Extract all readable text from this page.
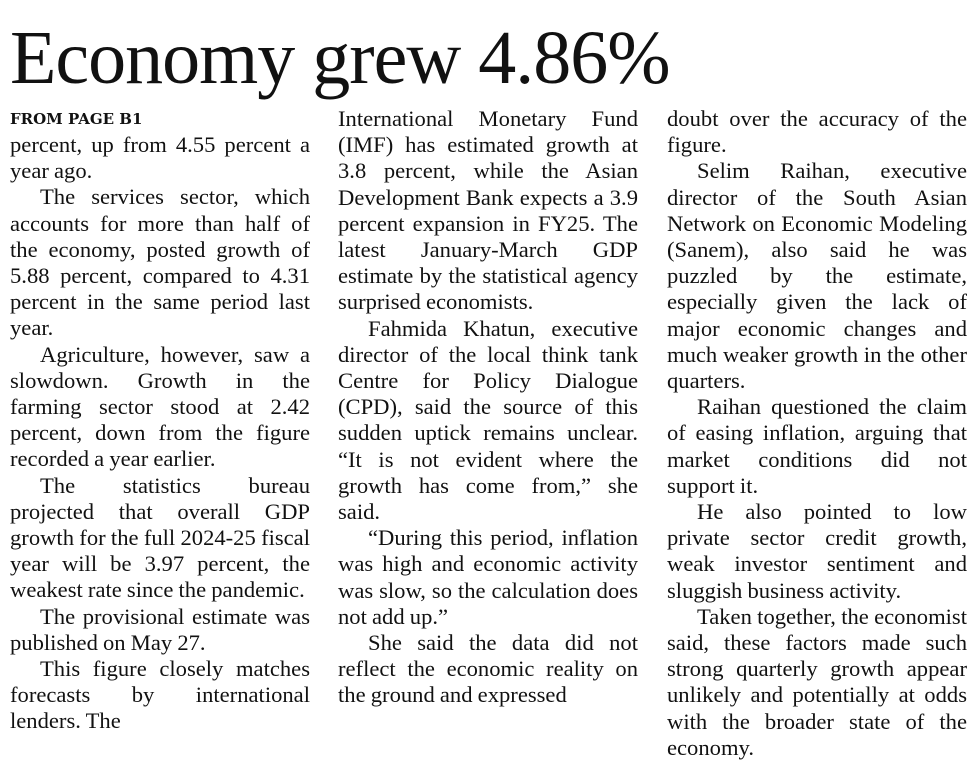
Economy grew 4.86%
FROM PAGE B1

percent, up from 4.55 percent a year ago.

The services sector, which accounts for more than half of the economy, posted growth of 5.88 percent, compared to 4.31 percent in the same period last year.

Agriculture, however, saw a slowdown. Growth in the farming sector stood at 2.42 percent, down from the figure recorded a year earlier.

The statistics bureau projected that overall GDP growth for the full 2024-25 fiscal year will be 3.97 percent, the weakest rate since the pandemic.

The provisional estimate was published on May 27.

This figure closely matches forecasts by international lenders. The

International Monetary Fund (IMF) has estimated growth at 3.8 percent, while the Asian Development Bank expects a 3.9 percent expansion in FY25. The latest January-March GDP estimate by the statistical agency surprised economists.

Fahmida Khatun, executive director of the local think tank Centre for Policy Dialogue (CPD), said the source of this sudden uptick remains unclear. “It is not evident where the growth has come from,” she said.

“During this period, inflation was high and economic activity was slow, so the calculation does not add up.”

She said the data did not reflect the economic reality on the ground and expressed

doubt over the accuracy of the figure.

Selim Raihan, executive director of the South Asian Network on Economic Modeling (Sanem), also said he was puzzled by the estimate, especially given the lack of major economic changes and much weaker growth in the other quarters.

Raihan questioned the claim of easing inflation, arguing that market conditions did not support it.

He also pointed to low private sector credit growth, weak investor sentiment and sluggish business activity.

Taken together, the economist said, these factors made such strong quarterly growth appear unlikely and potentially at odds with the broader state of the economy.
